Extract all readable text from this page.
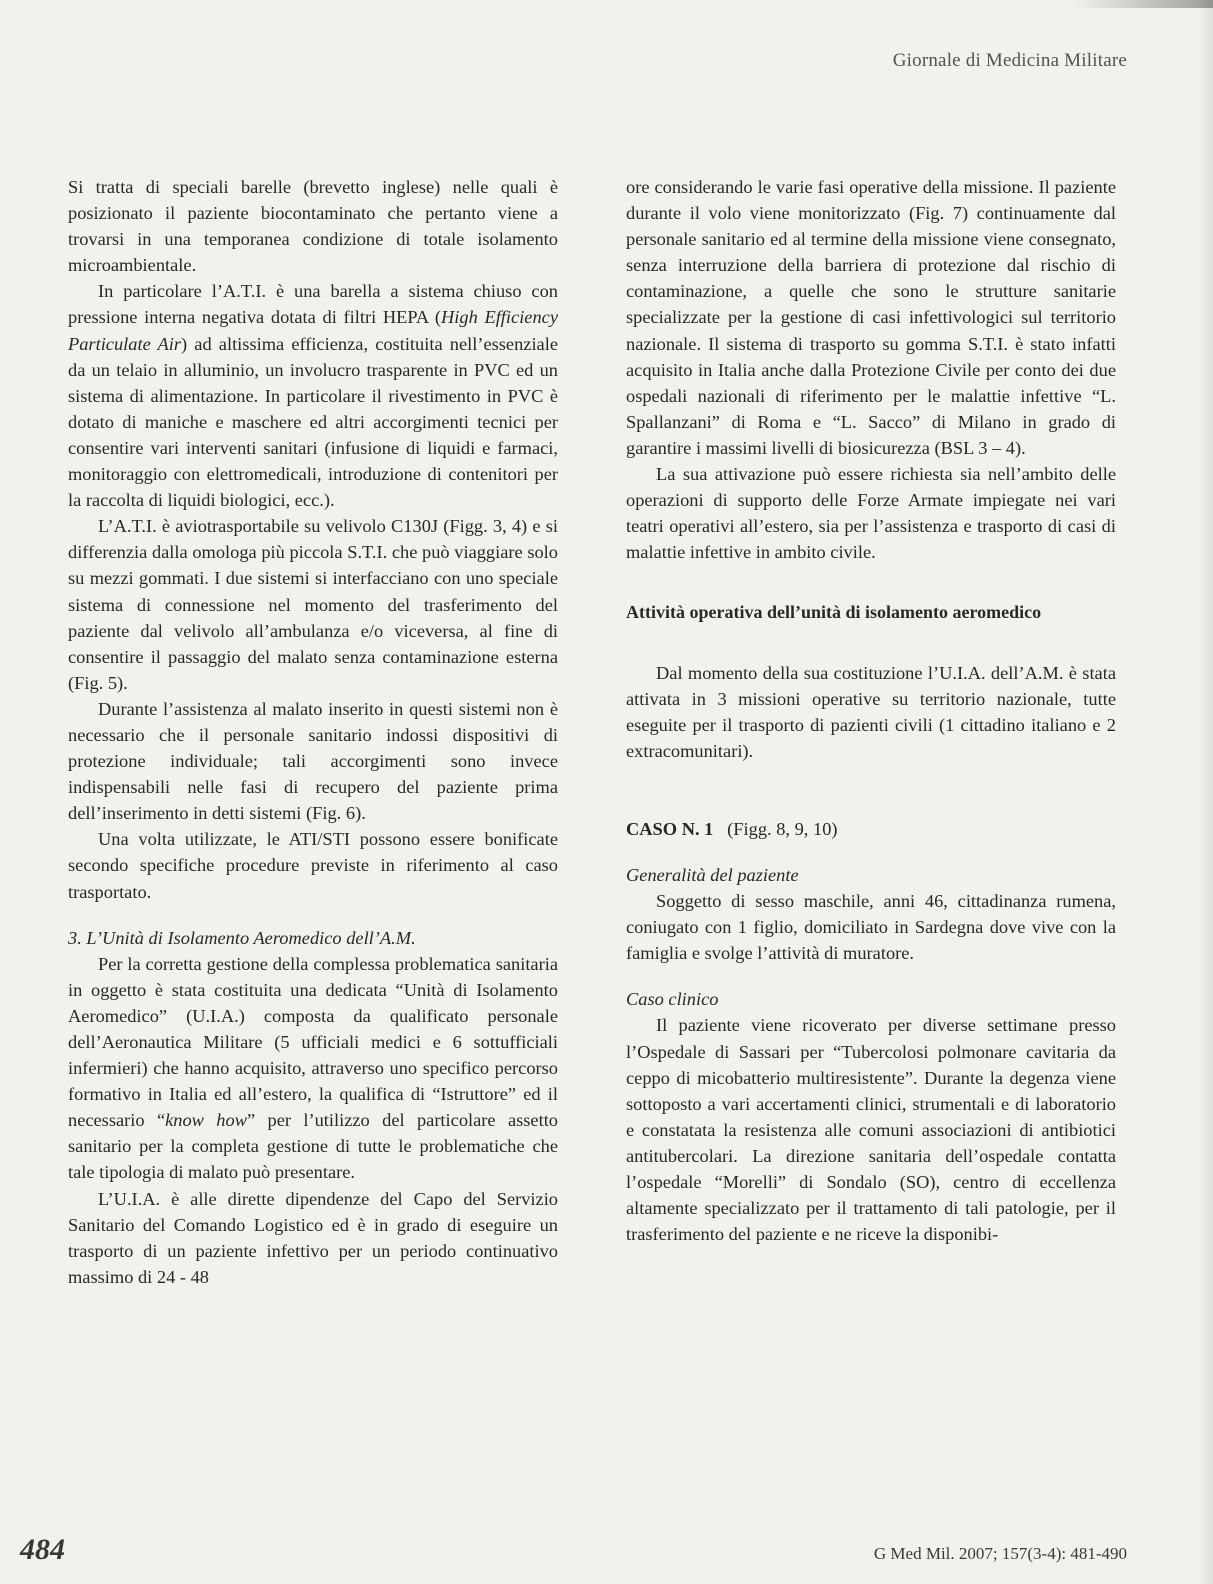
Giornale di Medicina Militare

Si tratta di speciali barelle (brevetto inglese) nelle quali è posizionato il paziente biocontaminato che pertanto viene a trovarsi in una temporanea condizione di totale isolamento microambientale.

In particolare l’A.T.I. è una barella a sistema chiuso con pressione interna negativa dotata di filtri HEPA (High Efficiency Particulate Air) ad altissima efficienza, costituita nell’essenziale da un telaio in alluminio, un involucro trasparente in PVC ed un sistema di alimentazione. In particolare il rivestimento in PVC è dotato di maniche e maschere ed altri accorgimenti tecnici per consentire vari interventi sanitari (infusione di liquidi e farmaci, monitoraggio con elettromedicali, introduzione di contenitori per la raccolta di liquidi biologici, ecc.).

L’A.T.I. è aviotrasportabile su velivolo C130J (Figg. 3, 4) e si differenzia dalla omologa più piccola S.T.I. che può viaggiare solo su mezzi gommati. I due sistemi si interfacciano con uno speciale sistema di connessione nel momento del trasferimento del paziente dal velivolo all’ambulanza e/o viceversa, al fine di consentire il passaggio del malato senza contaminazione esterna (Fig. 5).

Durante l’assistenza al malato inserito in questi sistemi non è necessario che il personale sanitario indossi dispositivi di protezione individuale; tali accorgimenti sono invece indispensabili nelle fasi di recupero del paziente prima dell’inserimento in detti sistemi (Fig. 6).

Una volta utilizzate, le ATI/STI possono essere bonificate secondo specifiche procedure previste in riferimento al caso trasportato.

3. L’Unità di Isolamento Aeromedico dell’A.M.

Per la corretta gestione della complessa problematica sanitaria in oggetto è stata costituita una dedicata “Unità di Isolamento Aeromedico” (U.I.A.) composta da qualificato personale dell’Aeronautica Militare (5 ufficiali medici e 6 sottufficiali infermieri) che hanno acquisito, attraverso uno specifico percorso formativo in Italia ed all’estero, la qualifica di “Istruttore” ed il necessario “know how” per l’utilizzo del particolare assetto sanitario per la completa gestione di tutte le problematiche che tale tipologia di malato può presentare.

L’U.I.A. è alle dirette dipendenze del Capo del Servizio Sanitario del Comando Logistico ed è in grado di eseguire un trasporto di un paziente infettivo per un periodo continuativo massimo di 24 - 48

ore considerando le varie fasi operative della missione. Il paziente durante il volo viene monitorizzato (Fig. 7) continuamente dal personale sanitario ed al termine della missione viene consegnato, senza interruzione della barriera di protezione dal rischio di contaminazione, a quelle che sono le strutture sanitarie specializzate per la gestione di casi infettivologici sul territorio nazionale. Il sistema di trasporto su gomma S.T.I. è stato infatti acquisito in Italia anche dalla Protezione Civile per conto dei due ospedali nazionali di riferimento per le malattie infettive “L. Spallanzani” di Roma e “L. Sacco” di Milano in grado di garantire i massimi livelli di biosicurezza (BSL 3 – 4).

La sua attivazione può essere richiesta sia nell’ambito delle operazioni di supporto delle Forze Armate impiegate nei vari teatri operativi all’estero, sia per l’assistenza e trasporto di casi di malattie infettive in ambito civile.

Attività operativa dell’unità di isolamento aeromedico

Dal momento della sua costituzione l’U.I.A. dell’A.M. è stata attivata in 3 missioni operative su territorio nazionale, tutte eseguite per il trasporto di pazienti civili (1 cittadino italiano e 2 extracomunitari).

CASO N. 1 (Figg. 8, 9, 10)

Generalità del paziente

Soggetto di sesso maschile, anni 46, cittadinanza rumena, coniugato con 1 figlio, domiciliato in Sardegna dove vive con la famiglia e svolge l’attività di muratore.

Caso clinico

Il paziente viene ricoverato per diverse settimane presso l’Ospedale di Sassari per “Tubercolosi polmonare cavitaria da ceppo di micobatterio multiresistente”. Durante la degenza viene sottoposto a vari accertamenti clinici, strumentali e di laboratorio e constatata la resistenza alle comuni associazioni di antibiotici antitubercolari. La direzione sanitaria dell’ospedale contatta l’ospedale “Morelli” di Sondalo (SO), centro di eccellenza altamente specializzato per il trattamento di tali patologie, per il trasferimento del paziente e ne riceve la disponibi-

484	G Med Mil. 2007; 157(3-4): 481-490
